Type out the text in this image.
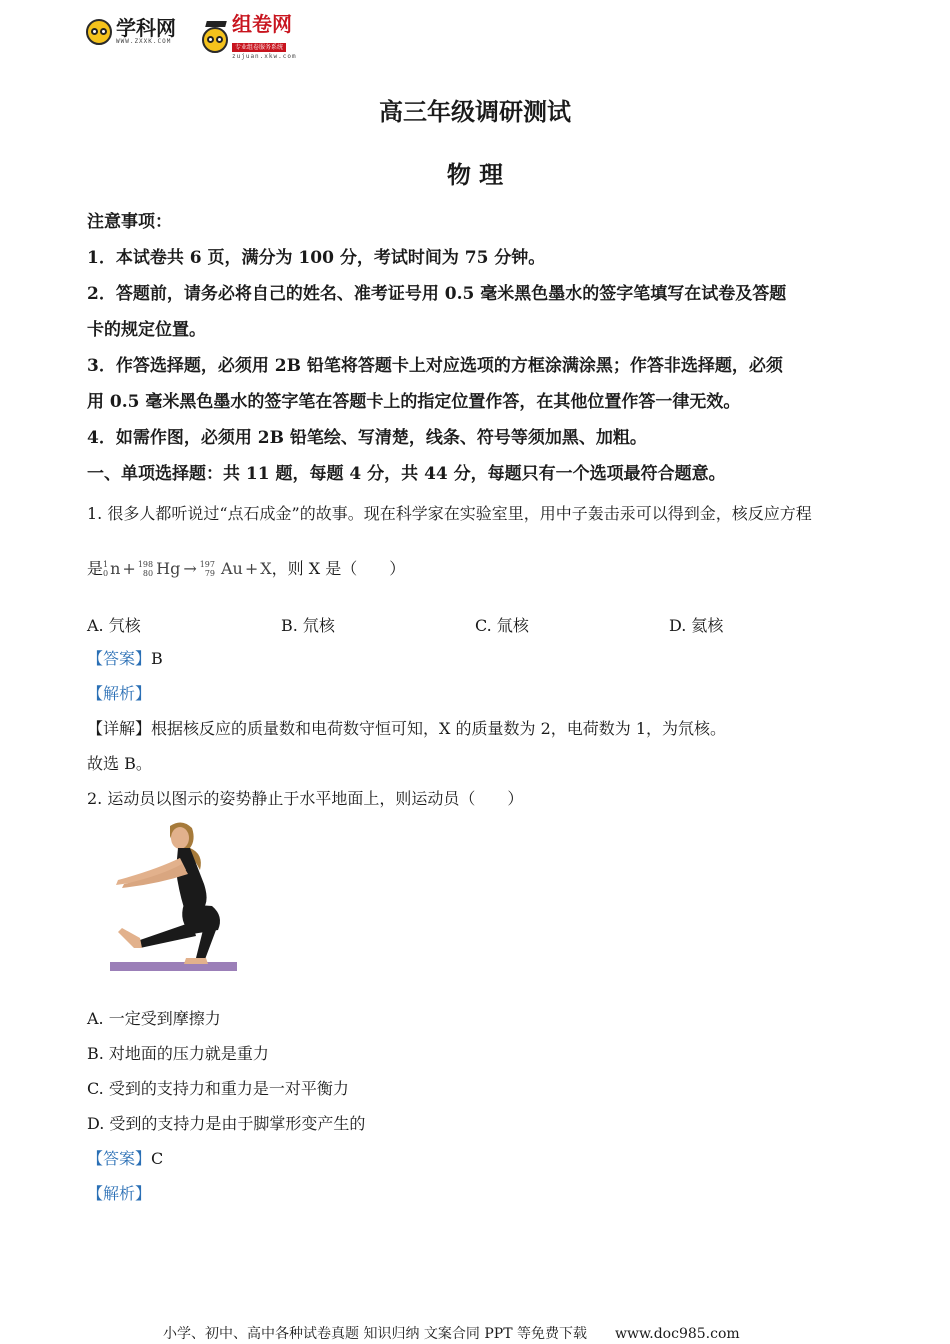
学科网
WWW.ZXXK.COM
组卷网
专业组卷服务系统
zujuan.xkw.com
高三年级调研测试
物 理
注意事项：
1．本试卷共 6 页，满分为 100 分，考试时间为 75 分钟。
2．答题前，请务必将自己的姓名、准考证号用 0.5 毫米黑色墨水的签字笔填写在试卷及答题
卡的规定位置。
3．作答选择题，必须用 2B 铅笔将答题卡上对应选项的方框涂满涂黑；作答非选择题，必须
用 0.5 毫米黑色墨水的签字笔在答题卡上的指定位置作答，在其他位置作答一律无效。
4．如需作图，必须用 2B 铅笔绘、写清楚，线条、符号等须加黑、加粗。
一、单项选择题：共 11 题，每题 4 分，共 44 分，每题只有一个选项最符合题意。
1. 很多人都听说过“点石成金”的故事。现在科学家在实验室里，用中子轰击汞可以得到金，核反应方程
是 1
0 n + 198
80 Hg → 197
79 Au + X ，则 X 是（　　）
A. 氕核	B. 氘核	C. 氚核	D. 氦核
【答案】B
【解析】
【详解】根据核反应的质量数和电荷数守恒可知，X 的质量数为 2，电荷数为 1，为氘核。
故选 B。
2. 运动员以图示的姿势静止于水平地面上，则运动员（　　）
A. 一定受到摩擦力
B. 对地面的压力就是重力
C. 受到的支持力和重力是一对平衡力
D. 受到的支持力是由于脚掌形变产生的
【答案】C
【解析】
小学、初中、高中各种试卷真题 知识归纳 文案合同 PPT 等免费下载　　www.doc985.com
